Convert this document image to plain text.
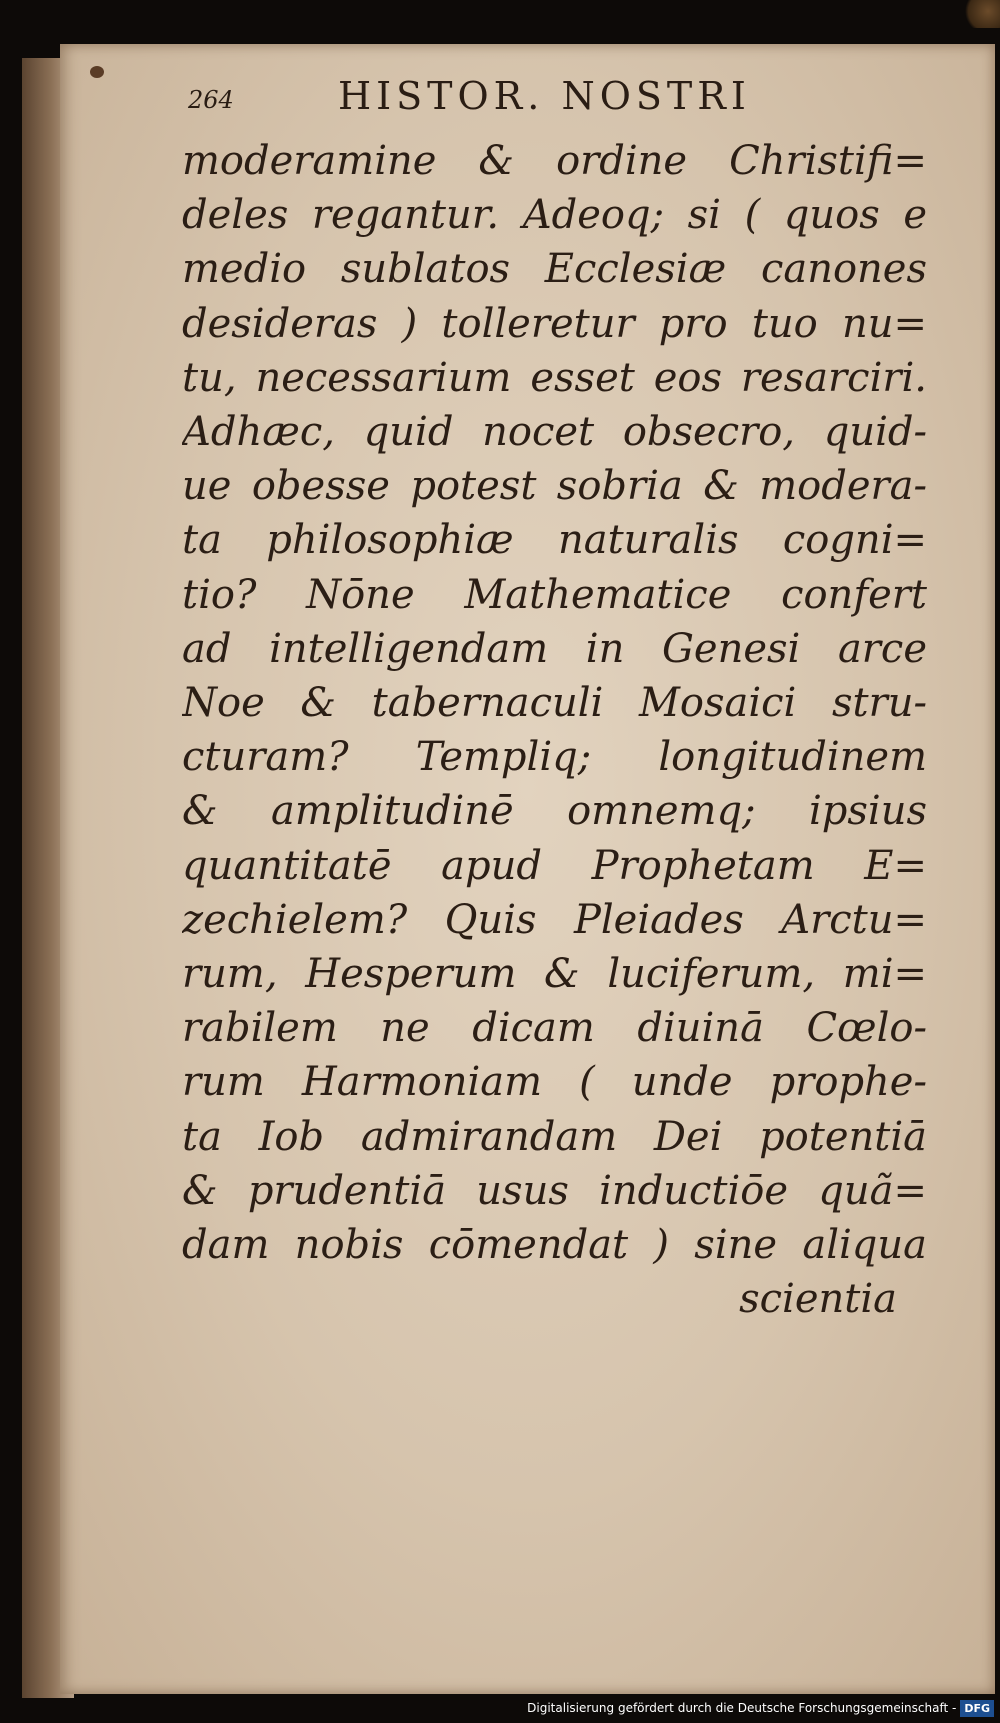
264	HISTOR. NOSTRI
moderamine & ordine Christifi=
deles regantur. Adeoq; si ( quos e
medio sublatos Ecclesiæ canones
desideras ) tolleretur pro tuo nu=
tu, necessarium esset eos resarciri.
Adhæc, quid nocet obsecro, quid-
ue obesse potest sobria & modera-
ta philosophiæ naturalis cogni=
tio? Nōne Mathematice confert
ad intelligendam in Genesi arce
Noe & tabernaculi Mosaici stru-
cturam? Templiq; longitudinem
& amplitudinē omnemq; ipsius
quantitatē apud Prophetam E=
zechielem? Quis Pleiades Arctu=
rum, Hesperum & luciferum, mi=
rabilem ne dicam diuinā Cœlo-
rum Harmoniam ( unde prophe-
ta Iob admirandam Dei potentiā
& prudentiā usus inductiōe quã=
dam nobis cōmendat ) sine aliqua
scientia
Digitalisierung gefördert durch die Deutsche Forschungsgemeinschaft - DFG
